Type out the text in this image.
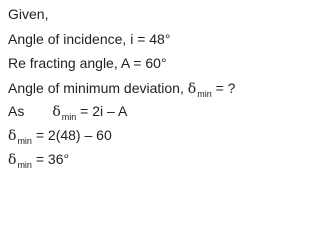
Given,
Angle of incidence, i = 48°
Re fracting angle, A = 60°
Angle of minimum deviation, $\delta_{min}$ = ?
As $\delta_{min} = 2i - A$
$\delta_{min} = 2(48) - 60$
$\delta_{min} = 36^\circ$
